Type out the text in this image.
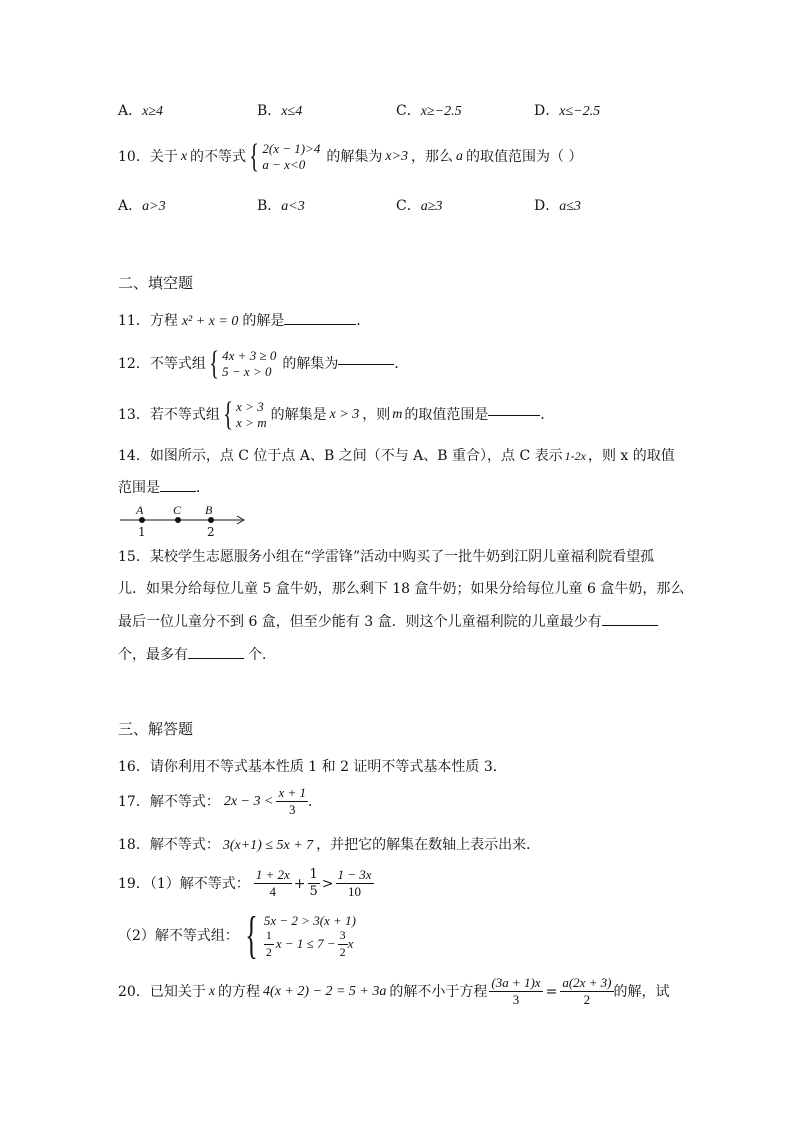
A．x≥4	B．x≤4	C．x≥−2.5	D．x≤−2.5
10． 关于 x 的不等式 { 2(x − 1)>4
a − x<0	的解集为 x>3 ，那么 a 的取值范围为（ ）
A．a>3	B．a<3	C．a≥3	D．a≤3
二、填空题
11．方程 x² + x = 0 的解是	．
12． 不等式组 { 4x + 3 ≥ 0
5 − x > 0 的解集为	．
13． 若不等式组 { x > 3
x > m 的解集是 x > 3 ，则 m 的取值范围是	．
14．如图所示，点 C 位于点 A、B 之间（不与 A、B 重合），点 C 表示 1-2x ，则 x 的取值
范围是	．
A C B
1	2
15．某校学生志愿服务小组在“学雷锋”活动中购买了一批牛奶到江阴儿童福利院看望孤
儿．如果分给每位儿童 5 盒牛奶，那么剩下 18 盒牛奶；如果分给每位儿童 6 盒牛奶，那么
最后一位儿童分不到 6 盒，但至少能有 3 盒．则这个儿童福利院的儿童最少有
个，最多有	个．
三、解答题
16．请你利用不等式基本性质 1 和 2 证明不等式基本性质 3．
17．解不等式： $2x - 3 < \frac{x + 1}{3}$ ．
18．解不等式： 3(x+1) ≤ 5x + 7 ，并把它的解集在数轴上表示出来．
19．（1）解不等式： $\frac{1 + 2x}{4} + \frac{1}{5} > \frac{1 - 3x}{10}$
（2）解不等式组： { 5x − 2 > 3(x + 1)
$\frac{1}{2}$ $x - 1 \le 7 - \frac{3}{2}$ x
20．已知关于 x 的方程 4(x + 2) − 2 = 5 + 3a 的解不小于方程 $\frac{(3a + 1)x}{3} = \frac{a(2x + 3)}{2}$ 的解，试
